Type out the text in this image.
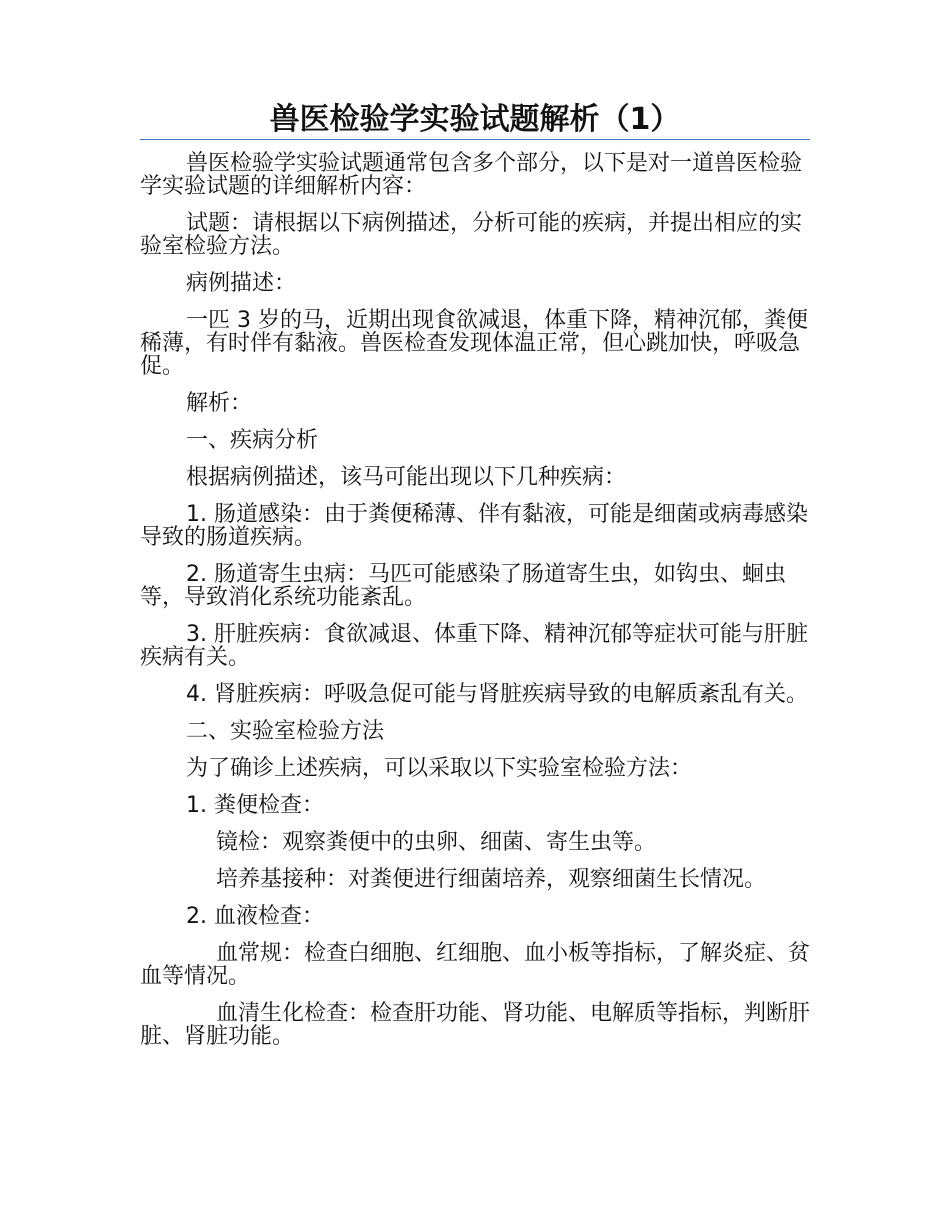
兽医检验学实验试题解析（1）

兽医检验学实验试题通常包含多个部分，以下是对一道兽医检验学实验试题的详细解析内容：

试题：请根据以下病例描述，分析可能的疾病，并提出相应的实验室检验方法。

病例描述：

一匹 3 岁的马，近期出现食欲减退，体重下降，精神沉郁，粪便稀薄，有时伴有黏液。兽医检查发现体温正常，但心跳加快，呼吸急促。

解析：

一、疾病分析

根据病例描述，该马可能出现以下几种疾病：

1. 肠道感染：由于粪便稀薄、伴有黏液，可能是细菌或病毒感染导致的肠道疾病。

2. 肠道寄生虫病：马匹可能感染了肠道寄生虫，如钩虫、蛔虫等，导致消化系统功能紊乱。

3. 肝脏疾病：食欲减退、体重下降、精神沉郁等症状可能与肝脏疾病有关。

4. 肾脏疾病：呼吸急促可能与肾脏疾病导致的电解质紊乱有关。

二、实验室检验方法

为了确诊上述疾病，可以采取以下实验室检验方法：

1. 粪便检查：

镜检：观察粪便中的虫卵、细菌、寄生虫等。

培养基接种：对粪便进行细菌培养，观察细菌生长情况。

2. 血液检查：

血常规：检查白细胞、红细胞、血小板等指标，了解炎症、贫血等情况。

血清生化检查：检查肝功能、肾功能、电解质等指标，判断肝脏、肾脏功能。
